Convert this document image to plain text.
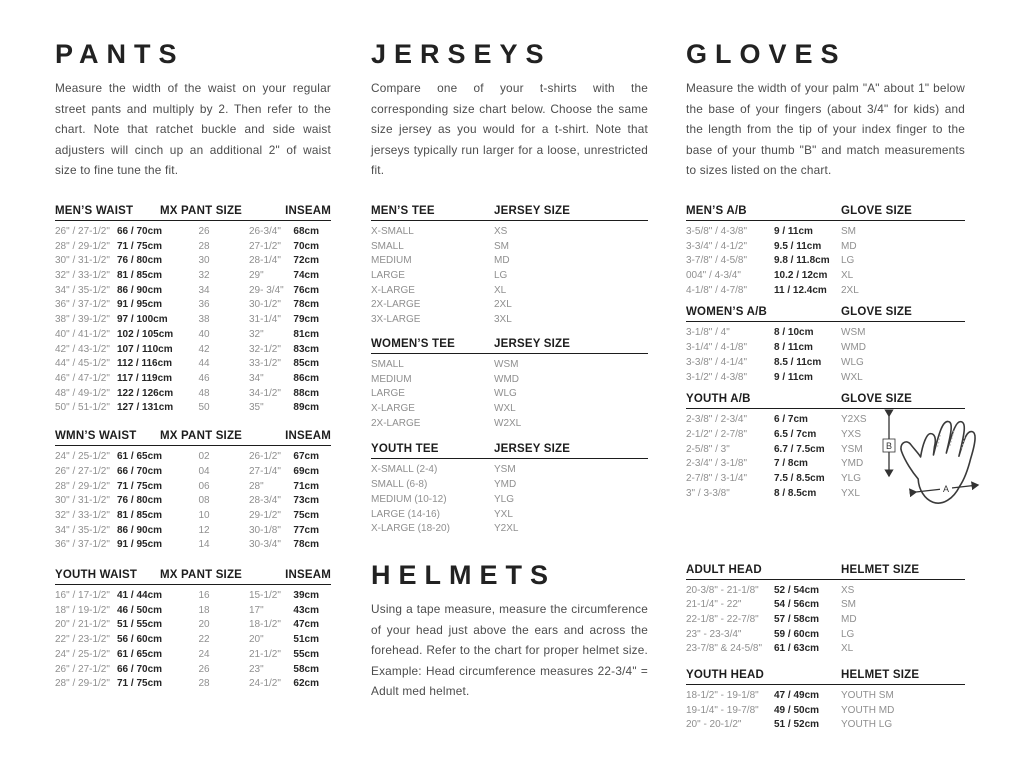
PANTS
Measure the width of the waist on your regular street pants and multiply by 2. Then refer to the chart. Note that ratchet buckle and side waist adjusters will cinch up an additional 2" of waist size to fine tune the fit.
MEN’S WAIST	MX PANT SIZE	INSEAM
26" / 27-1/2" 66 / 70cm	26	26-3/4"	68cm
28" / 29-1/2" 71 / 75cm	28	27-1/2"	70cm
30" / 31-1/2" 76 / 80cm	30	28-1/4"	72cm
32" / 33-1/2" 81 / 85cm	32	29"	74cm
34" / 35-1/2" 86 / 90cm	34	29- 3/4" 76cm
36" / 37-1/2" 91 / 95cm	36	30-1/2"	78cm
38" / 39-1/2" 97 / 100cm	38	31-1/4"	79cm
40" / 41-1/2" 102 / 105cm	40	32"	81cm
42" / 43-1/2" 107 / 110cm	42	32-1/2"	83cm
44" / 45-1/2" 112 / 116cm	44	33-1/2"	85cm
46" / 47-1/2" 117 / 119cm	46	34"	86cm
48" / 49-1/2" 122 / 126cm	48	34-1/2"	88cm
50" / 51-1/2" 127 / 131cm	50	35"	89cm
WMN’S WAIST	MX PANT SIZE	INSEAM
24" / 25-1/2" 61 / 65cm	02	26-1/2"	67cm
26" / 27-1/2" 66 / 70cm	04	27-1/4"	69cm
28" / 29-1/2" 71 / 75cm	06	28"	71cm
30" / 31-1/2" 76 / 80cm	08	28-3/4"	73cm
32" / 33-1/2" 81 / 85cm	10	29-1/2"	75cm
34" / 35-1/2" 86 / 90cm	12	30-1/8"	77cm
36" / 37-1/2" 91 / 95cm	14	30-3/4"	78cm
YOUTH WAIST	MX PANT SIZE	INSEAM
16" / 17-1/2" 41 / 44cm	16	15-1/2"	39cm
18" / 19-1/2" 46 / 50cm	18	17"	43cm
20" / 21-1/2" 51 / 55cm	20	18-1/2"	47cm
22" / 23-1/2" 56 / 60cm	22	20"	51cm
24" / 25-1/2" 61 / 65cm	24	21-1/2"	55cm
26" / 27-1/2" 66 / 70cm	26	23"	58cm
28" / 29-1/2" 71 / 75cm	28	24-1/2"	62cm
JERSEYS
Compare one of your t-shirts with the corresponding size chart below. Choose the same size jersey as you would for a t-shirt. Note that jerseys typically run larger for a loose, unrestricted fit.
MEN’S TEE	JERSEY SIZE
X-SMALL	XS
SMALL	SM
MEDIUM	MD
LARGE	LG
X-LARGE	XL
2X-LARGE	2XL
3X-LARGE	3XL
WOMEN’S TEE	JERSEY SIZE
SMALL	WSM
MEDIUM	WMD
LARGE	WLG
X-LARGE	WXL
2X-LARGE	W2XL
YOUTH TEE	JERSEY SIZE
X-SMALL (2-4)	YSM
SMALL (6-8)	YMD
MEDIUM (10-12)	YLG
LARGE (14-16)	YXL
X-LARGE (18-20)	Y2XL
HELMETS
Using a tape measure, measure the circumference of your head just above the ears and across the forehead. Refer to the chart for proper helmet size. Example: Head circumference measures 22-3/4" = Adult med helmet.
GLOVES
Measure the width of your palm "A" about 1" below the base of your fingers (about 3/4" for kids) and the length from the tip of your index finger to the base of your thumb "B" and match measurements to sizes listed on the chart.
MEN’S A/B	GLOVE SIZE
3-5/8" / 4-3/8"	9 / 11cm	SM
3-3/4" / 4-1/2"	9.5 / 11cm	MD
3-7/8" / 4-5/8"	9.8 / 11.8cm	LG
004" / 4-3/4"	10.2 / 12cm	XL
4-1/8" / 4-7/8"	11 / 12.4cm	2XL
WOMEN’S A/B	GLOVE SIZE
3-1/8" / 4"	8 / 10cm	WSM
3-1/4" / 4-1/8"	8 / 11cm	WMD
3-3/8" / 4-1/4"	8.5 / 11cm	WLG
3-1/2" / 4-3/8"	9 / 11cm	WXL
YOUTH A/B	GLOVE SIZE
2-3/8" / 2-3/4"	6 / 7cm	Y2XS
2-1/2" / 2-7/8"	6.5 / 7cm	YXS
2-5/8" / 3"	6.7 / 7.5cm	YSM
2-3/4" / 3-1/8"	7 / 8cm	YMD
2-7/8" / 3-1/4"	7.5 / 8.5cm	YLG
3" / 3-3/8"	8 / 8.5cm	YXL
ADULT HEAD	HELMET SIZE
20-3/8" - 21-1/8"	52 / 54cm	XS
21-1/4" - 22"	54 / 56cm	SM
22-1/8" - 22-7/8"	57 / 58cm	MD
23" - 23-3/4"	59 / 60cm	LG
23-7/8" & 24-5/8"	61 / 63cm	XL
YOUTH HEAD	HELMET SIZE
18-1/2" - 19-1/8"	47 / 49cm	YOUTH SM
19-1/4" - 19-7/8"	49 / 50cm	YOUTH MD
20" - 20-1/2"	51 / 52cm	YOUTH LG
B
A
